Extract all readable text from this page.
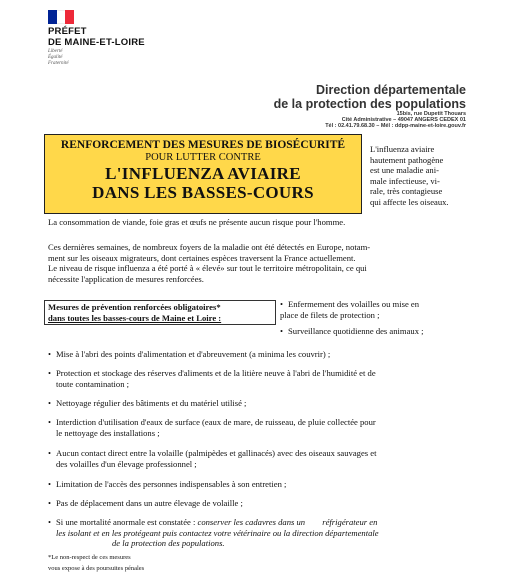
PRÉFET
DE MAINE-ET-LOIRE
Liberté
Égalité
Fraternité
Direction départementale
de la protection des populations
15bis, rue Dupetit Thouars
Cité Administrative – 49047 ANGERS CEDEX 01
Tél : 02.41.79.68.30 – Mél : ddpp-maine-et-loire.gouv.fr
RENFORCEMENT DES MESURES DE BIOSÉCURITÉ
POUR LUTTER CONTRE
L'INFLUENZA AVIAIRE
DANS LES BASSES-COURS
L'influenza aviaire
hautement pathogène
est une maladie ani-
male infectieuse, vi-
rale, très contagieuse
qui affecte les oiseaux.
La consommation de viande, foie gras et œufs ne présente aucun risque pour l'homme.
Ces dernières semaines, de nombreux foyers de la maladie ont été détectés en Europe, notam-
ment sur les oiseaux migrateurs, dont certaines espèces traversent la France actuellement.
Le niveau de risque influenza a été porté à « élevé» sur tout le territoire métropolitain, ce qui
nécessite l'application de mesures renforcées.
Mesures de prévention renforcées obligatoires*
dans toutes les basses-cours de Maine et Loire :
• Enfermement des volailles ou mise en
place de filets de protection ;
• Surveillance quotidienne des animaux ;
• Mise à l'abri des points d'alimentation et d'abreuvement (a minima les couvrir) ;
• Protection et stockage des réserves d'aliments et de la litière neuve à l'abri de l'humidité et de
toute contamination ;
• Nettoyage régulier des bâtiments et du matériel utilisé ;
• Interdiction d'utilisation d'eaux de surface (eaux de mare, de ruisseau, de pluie collectée pour
le nettoyage des installations ;
• Aucun contact direct entre la volaille (palmipèdes et gallinacés) avec des oiseaux sauvages et
des volailles d'un élevage professionnel ;
• Limitation de l'accès des personnes indispensables à son entretien ;
• Pas de déplacement dans un autre élevage de volaille ;
• Si une mortalité anormale est constatée : conserver les cadavres dans un        réfrigérateur en
les isolant et en les protégeant puis contactez votre vétérinaire ou la direction départementale
de la protection des populations.
*Le non-respect de ces mesures
vous expose à des poursuites pénales
